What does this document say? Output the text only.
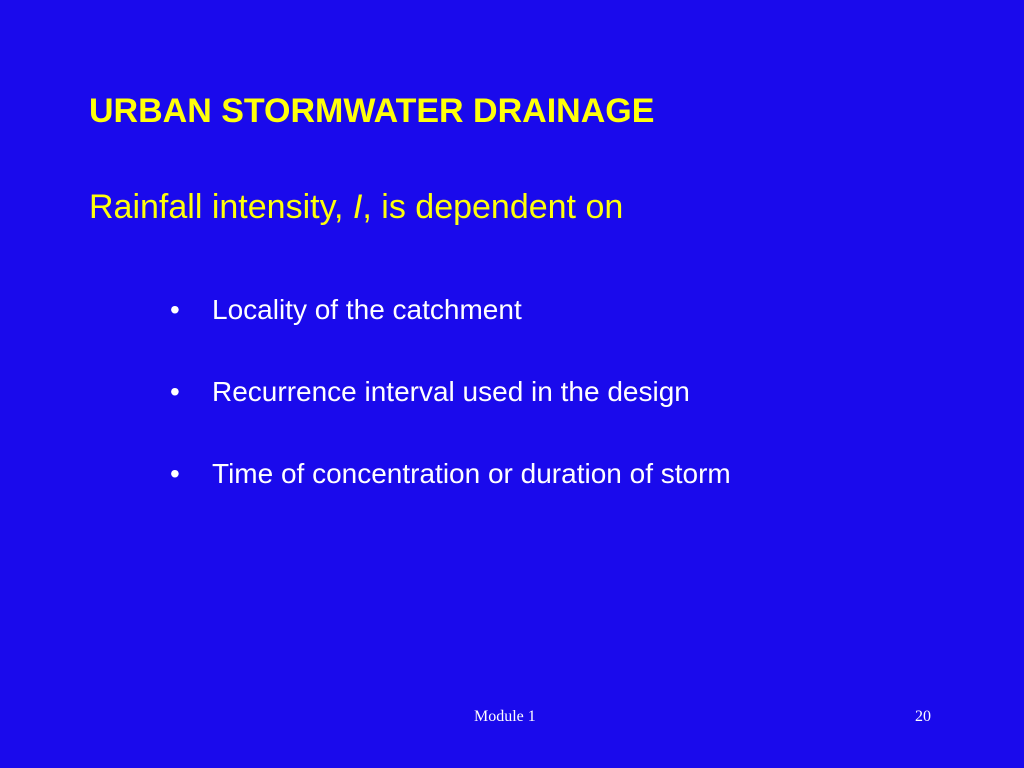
URBAN STORMWATER DRAINAGE

Rainfall intensity, I, is dependent on

•	Locality of the catchment
•	Recurrence interval used in the design
•	Time of concentration or duration of storm
Module 1	20
